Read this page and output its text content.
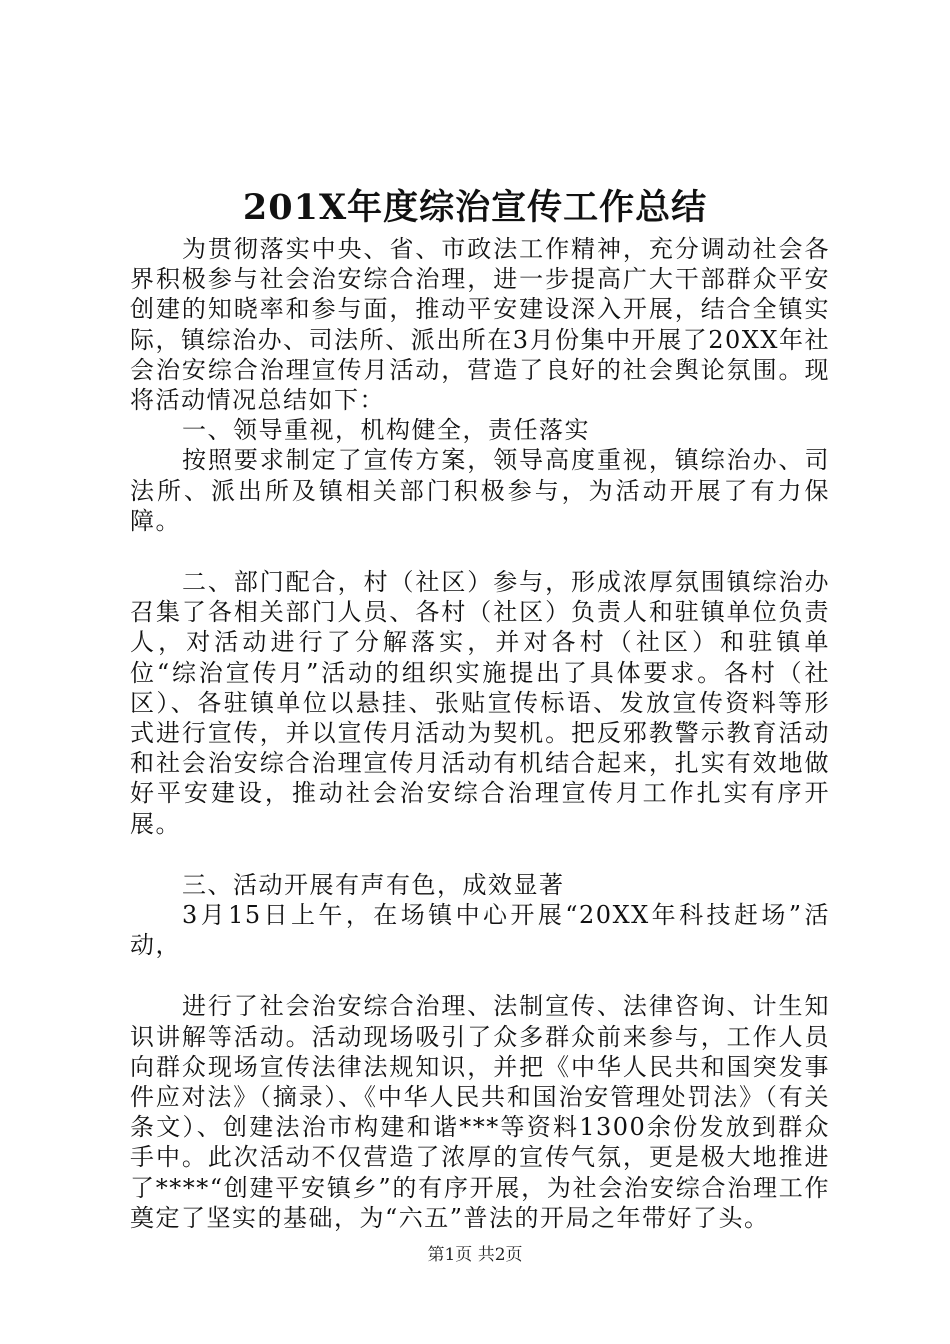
201X年度综治宣传工作总结

为贯彻落实中央、省、市政法工作精神，充分调动社会各界积极参与社会治安综合治理，进一步提高广大干部群众平安创建的知晓率和参与面，推动平安建设深入开展，结合全镇实际，镇综治办、司法所、派出所在3月份集中开展了20XX年社会治安综合治理宣传月活动，营造了良好的社会舆论氛围。现将活动情况总结如下：

一、领导重视，机构健全，责任落实

按照要求制定了宣传方案，领导高度重视，镇综治办、司法所、派出所及镇相关部门积极参与，为活动开展了有力保障。

二、部门配合，村（社区）参与，形成浓厚氛围镇综治办召集了各相关部门人员、各村（社区）负责人和驻镇单位负责人，对活动进行了分解落实，并对各村（社区）和驻镇单位“综治宣传月”活动的组织实施提出了具体要求。各村（社区）、各驻镇单位以悬挂、张贴宣传标语、发放宣传资料等形式进行宣传，并以宣传月活动为契机。把反邪教警示教育活动和社会治安综合治理宣传月活动有机结合起来，扎实有效地做好平安建设，推动社会治安综合治理宣传月工作扎实有序开展。

三、活动开展有声有色，成效显著

3月15日上午，在场镇中心开展“20XX年科技赶场”活动，

进行了社会治安综合治理、法制宣传、法律咨询、计生知识讲解等活动。活动现场吸引了众多群众前来参与，工作人员向群众现场宣传法律法规知识，并把《中华人民共和国突发事件应对法》（摘录）、《中华人民共和国治安管理处罚法》（有关条文）、创建法治市构建和谐***等资料1300余份发放到群众手中。此次活动不仅营造了浓厚的宣传气氛，更是极大地推进了****“创建平安镇乡”的有序开展，为社会治安综合治理工作奠定了坚实的基础，为“六五”普法的开局之年带好了头。

第1页 共2页
